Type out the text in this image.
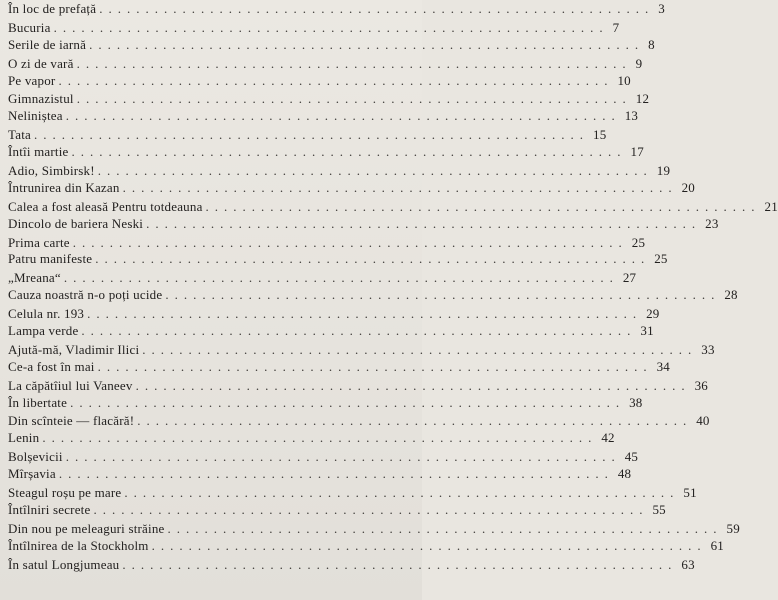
În loc de prefață ............................................................ 3
Bucuria ............................................................ 7
Serile de iarnă ............................................................ 8
O zi de vară ............................................................ 9
Pe vapor ............................................................ 10
Gimnazistul ............................................................ 12
Neliniștea ............................................................ 13
Tata ............................................................ 15
Întîi martie ............................................................ 17
Adio, Simbirsk! ............................................................ 19
Întrunirea din Kazan ............................................................ 20
Calea a fost aleasă Pentru totdeauna ............................................................ 21
Dincolo de bariera Neski ............................................................ 23
Prima carte ............................................................ 25
Patru manifeste ............................................................ 25
„Mreana“ ............................................................ 27
Cauza noastră n-o poți ucide ............................................................ 28
Celula nr. 193 ............................................................ 29
Lampa verde ............................................................ 31
Ajută-mă, Vladimir Ilici ............................................................ 33
Ce-a fost în mai ............................................................ 34
La căpătîiul lui Vaneev ............................................................ 36
În libertate ............................................................ 38
Din scînteie — flacără! ............................................................ 40
Lenin ............................................................ 42
Bolșevicii ............................................................ 45
Mîrșavia ............................................................ 48
Steagul roșu pe mare ............................................................ 51
Întîlniri secrete ............................................................ 55
Din nou pe meleaguri străine ............................................................ 59
Întîlnirea de la Stockholm ............................................................ 61
În satul Longjumeau ............................................................ 63
